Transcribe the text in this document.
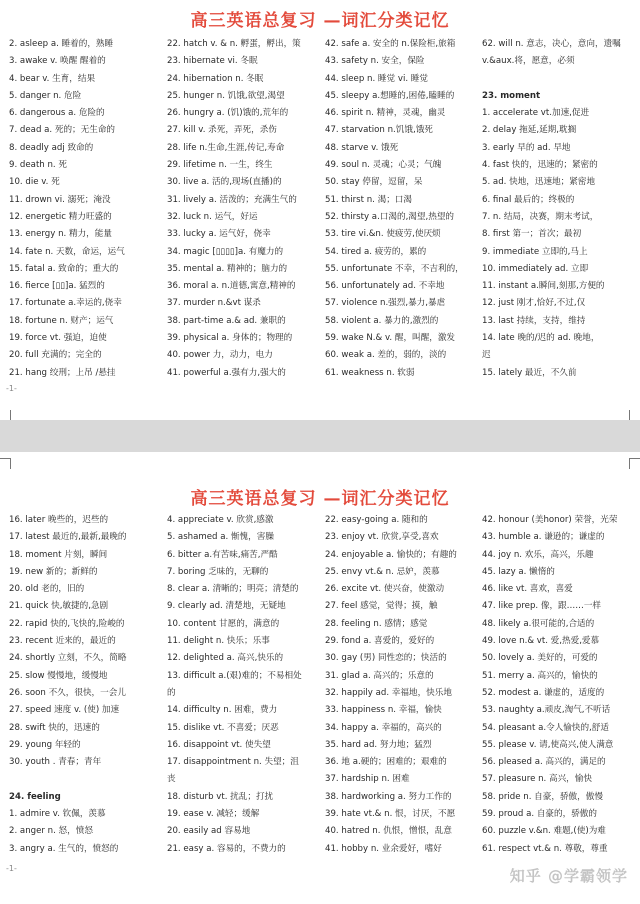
高三英语总复习 —词汇分类记忆
2. asleep a. 睡着的，熟睡
3. awake v. 唤醒 醒着的
4. bear v. 生育，结果
5. danger n. 危险
6. dangerous a. 危险的
7. dead a. 死的；无生命的
8. deadly adj 致命的
9. death n. 死
10. die v. 死
11. drown vi. 溺死；淹没
12. energetic 精力旺盛的
13. energy n. 精力，能量
14. fate n. 天数，命运，运气
15. fatal a. 致命的；重大的
16. fierce [▯▯]a. 猛烈的
17. fortunate a.幸运的,侥幸
18. fortune n. 财产；运气
19. force vt. 强迫，迫使
20. full 充满的；完全的
21. hang 绞刑；上吊 /悬挂
22. hatch v. & n. 孵蛋，孵出，策
23. hibernate vi. 冬眠
24. hibernation n. 冬眠
25. hunger n. 饥饿,欲望,渴望
26. hungry a. (饥)饿的,荒年的
27. kill v. 杀死，弄死，杀伤
28. life n.生命,生涯,传记,寿命
29. lifetime n. 一生，终生
30. live a. 活的,现场(直播)的
31. lively a. 活泼的；充满生气的
32. luck n. 运气，好运
33. lucky a. 运气好，侥幸
34. magic [▯▯▯▯]a. 有魔力的
35. mental a. 精神的；脑力的
36. moral a. n.道德,寓意,精神的
37. murder n.&vt 谋杀
38. part-time a.& ad. 兼职的
39. physical a. 身体的；物理的
40. power 力，动力，电力
41. powerful a.强有力,强大的
42. safe a. 安全的 n.保险柜,旅箱
43. safety n. 安全，保险
44. sleep n. 睡觉 vi. 睡觉
45. sleepy a.想睡的,困倦,瞌睡的
46. spirit n. 精神，灵魂，幽灵
47. starvation n.饥饿,饿死
48. starve v. 饿死
49. soul n. 灵魂；心灵；气魄
50. stay 停留，逗留，呆
51. thirst n. 渴；口渴
52. thirsty a.口渴的,渴望,热望的
53. tire vi.&n. 使疲劳,使厌烦
54. tired a. 疲劳的，累的
55. unfortunate 不幸，不吉利的，
56. unfortunately ad. 不幸地
57. violence n.强烈,暴力,暴虐
58. violent a. 暴力的,激烈的
59. wake N.& v. 醒，叫醒，激发
60. weak a. 差的，弱的，淡的
61. weakness n. 软弱
62. will n. 意志，决心，意向，遗嘱
v.&aux.将，愿意，必须
23. moment
1. accelerate vt.加速,促进
2. delay 拖延,延期,耽搁
3. early 早的 ad. 早地
4. fast 快的，迅速的；紧密的
5. ad. 快地，迅速地；紧密地
6. final 最后的；终极的
7. n. 结局，决赛，期末考试，
8. first 第一；首次；最初
9. immediate 立即的,马上
10. immediately ad. 立即
11. instant a.瞬间,刻那,方便的
12. just 刚才,恰好,不过,仅
13. last 持续，支持，维持
14. late 晚的/迟的 ad. 晚地，
迟
15. lately 最近，不久前
-1-
高三英语总复习 —词汇分类记忆
16. later 晚些的，迟些的
17. latest 最近的,最新,最晚的
18. moment 片刻，瞬间
19. new 新的；新鲜的
20. old 老的，旧的
21. quick 快,敏捷的,急剧
22. rapid 快的,飞快的,险峻的
23. recent 近来的，最近的
24. shortly 立刻，不久，简略
25. slow 慢慢地，缓慢地
26. soon 不久，很快，一会儿
27. speed 速度 v. (使) 加速
28. swift 快的，迅速的
29. young 年轻的
30. youth . 青春；青年
24. feeling
1. admire v. 钦佩，羡慕
2. anger n. 怒，愤怒
3. angry a. 生气的，愤怒的
4. appreciate v. 欣赏,感激
5. ashamed a. 惭愧，害臊
6. bitter a.有苦味,痛苦,严酷
7. boring 乏味的，无聊的
8. clear a. 清晰的；明亮；清楚的
9. clearly ad. 清楚地，无疑地
10. content 甘愿的，满意的
11. delight n. 快乐；乐事
12. delighted a. 高兴,快乐的
13. difficult a.(艰)难的；不易相处
的
14. difficulty n. 困难，费力
15. dislike vt. 不喜爱；厌恶
16. disappoint vt. 使失望
17. disappointment n. 失望；沮
丧
18. disturb vt. 扰乱；打扰
19. ease v. 减轻；缓解
20. easily ad 容易地
21. easy a. 容易的，不费力的
22. easy-going a. 随和的
23. enjoy vt. 欣赏,享受,喜欢
24. enjoyable a. 愉快的；有趣的
25. envy vt.& n. 忌妒，羡慕
26. excite vt. 使兴奋，使激动
27. feel 感觉，觉得；摸，触
28. feeling n. 感情；感觉
29. fond a. 喜爱的，爱好的
30. gay (男) 同性恋的；快活的
31. glad a. 高兴的；乐意的
32. happily ad. 幸福地，快乐地
33. happiness n. 幸福，愉快
34. happy a. 幸福的，高兴的
35. hard ad. 努力地；猛烈
36. 地 a.硬的；困难的；艰难的
37. hardship n. 困难
38. hardworking a. 努力工作的
39. hate vt.& n. 恨，讨厌，不愿
40. hatred n. 仇恨，憎恨，乱意
41. hobby n. 业余爱好，嗜好
42. honour (美honor) 荣誉，光荣
43. humble a. 谦逊的；谦虚的
44. joy n. 欢乐，高兴，乐趣
45. lazy a. 懒惰的
46. like vt. 喜欢，喜爱
47. like prep. 像，跟……一样
48. likely a.很可能的,合适的
49. love n.& vt. 爱,热爱,爱慕
50. lovely a. 美好的，可爱的
51. merry a. 高兴的，愉快的
52. modest a. 谦虚的，适度的
53. naughty a.顽皮,淘气,不听话
54. pleasant a.令人愉快的,舒适
55. please v. 请,使高兴,使人满意
56. pleased a. 高兴的，满足的
57. pleasure n. 高兴，愉快
58. pride n. 自豪，骄傲，傲慢
59. proud a. 自豪的，骄傲的
60. puzzle v.&n. 难题,(使)为难
61. respect vt.& n. 尊敬，尊重
-1-	知乎 @学霸领学
